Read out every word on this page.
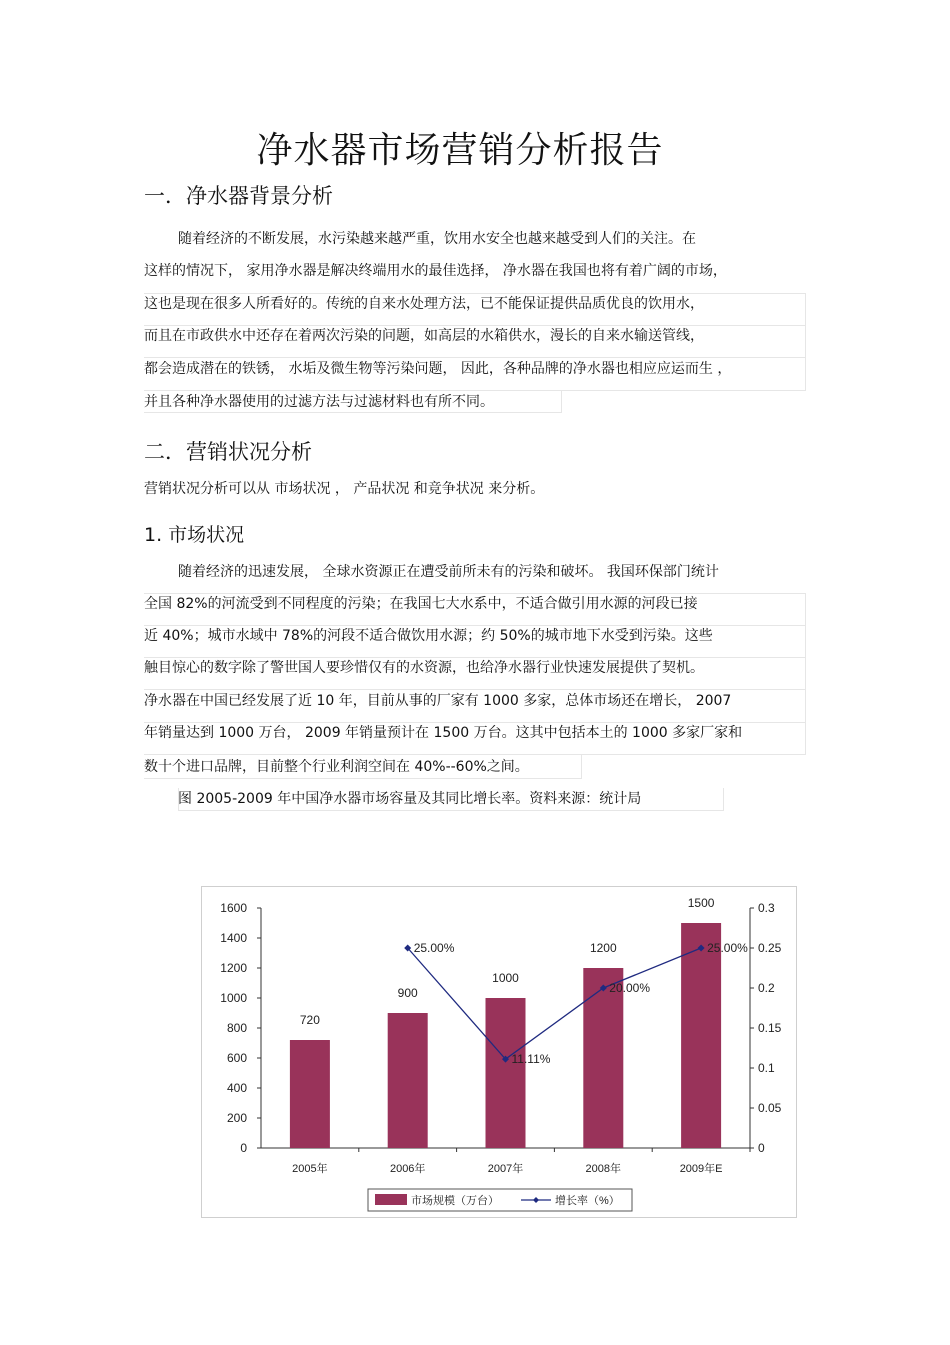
净水器市场营销分析报告
一．净水器背景分析
随着经济的不断发展，水污染越来越严重，饮用水安全也越来越受到人们的关注。在
这样的情况下， 家用净水器是解决终端用水的最佳选择， 净水器在我国也将有着广阔的市场，
这也是现在很多人所看好的。传统的自来水处理方法，已不能保证提供品质优良的饮用水，
而且在市政供水中还存在着两次污染的问题，如高层的水箱供水，漫长的自来水输送管线，
都会造成潜在的铁锈， 水垢及微生物等污染问题， 因此，各种品牌的净水器也相应应运而生 ，
并且各种净水器使用的过滤方法与过滤材料也有所不同。
二．营销状况分析
营销状况分析可以从 市场状况 ， 产品状况 和竞争状况 来分析。
1. 市场状况
随着经济的迅速发展， 全球水资源正在遭受前所未有的污染和破坏。 我国环保部门统计
全国 82%的河流受到不同程度的污染；在我国七大水系中，不适合做引用水源的河段已接
近 40%；城市水域中 78%的河段不适合做饮用水源；约 50%的城市地下水受到污染。这些
触目惊心的数字除了警世国人要珍惜仅有的水资源，也给净水器行业快速发展提供了契机。
净水器在中国已经发展了近 10 年，目前从事的厂家有 1000 多家，总体市场还在增长， 2007
年销量达到 1000 万台， 2009 年销量预计在 1500 万台。这其中包括本土的 1000 多家厂家和
数十个进口品牌，目前整个行业利润空间在 40%--60%之间。
图 2005-2009 年中国净水器市场容量及其同比增长率。资料来源：统计局
1600
1400
1200
1000
800
600
400
200
0
0.3
0.25
0.2
0.15
0.1
0.05
0
720
2005年
900
2006年
1000
2007年
1200
2008年
1500
2009年E
25.00%
11.11%
20.00%
25.00%
市场规模（万台）	增长率（%）
